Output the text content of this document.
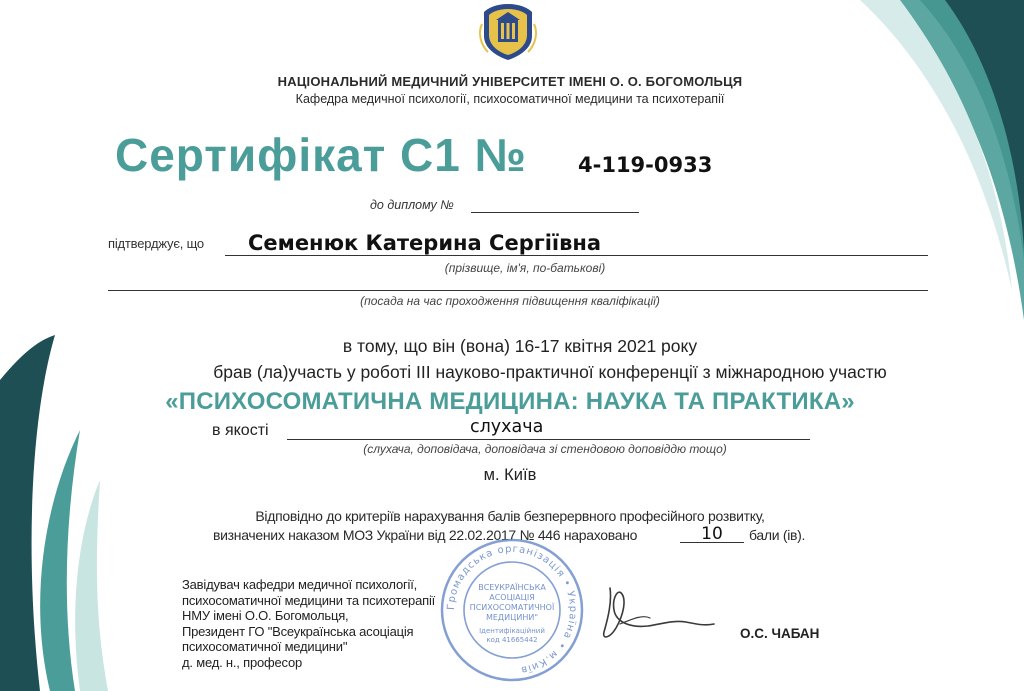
НАЦІОНАЛЬНИЙ МЕДИЧНИЙ УНІВЕРСИТЕТ ІМЕНІ О. О. БОГОМОЛЬЦЯ
Кафедра медичної психології, психосоматичної медицини та психотерапії
Сертифікат С1 № 4-119-0933
до диплому №
підтверджує, що Семенюк Катерина Сергіївна
(прізвище, ім'я, по-батькові)
(посада на час проходження підвищення кваліфікації)
в тому, що він (вона) 16-17 квітня 2021 року
брав (ла)участь у роботі ІІІ науково-практичної конференції з міжнародною участю
«ПСИХОСОМАТИЧНА МЕДИЦИНА: НАУКА ТА ПРАКТИКА»
в якості	слухача
(слухача, доповідача, доповідача зі стендовою доповіддю тощо)
м. Київ
Відповідно до критеріїв нарахування балів безперервного професійного розвитку,
визначених наказом МОЗ України від 22.02.2017 № 446 нараховано	10	бали (ів).
Завідувач кафедри медичної психології,
психосоматичної медицини та психотерапії
НМУ імені О.О. Богомольця,
Президент ГО "Всеукраїнська асоціація
психосоматичної медицини"
д. мед. н., професор
Громадська організація • Україна • м.Київ
ВСЕУКРАЇНСЬКА
АСОЦІАЦІЯ
ПСИХОСОМАТИЧНОЇ
МЕДИЦИНИ"
Ідентифікаційний
код 41665442	О.С. ЧАБАН
